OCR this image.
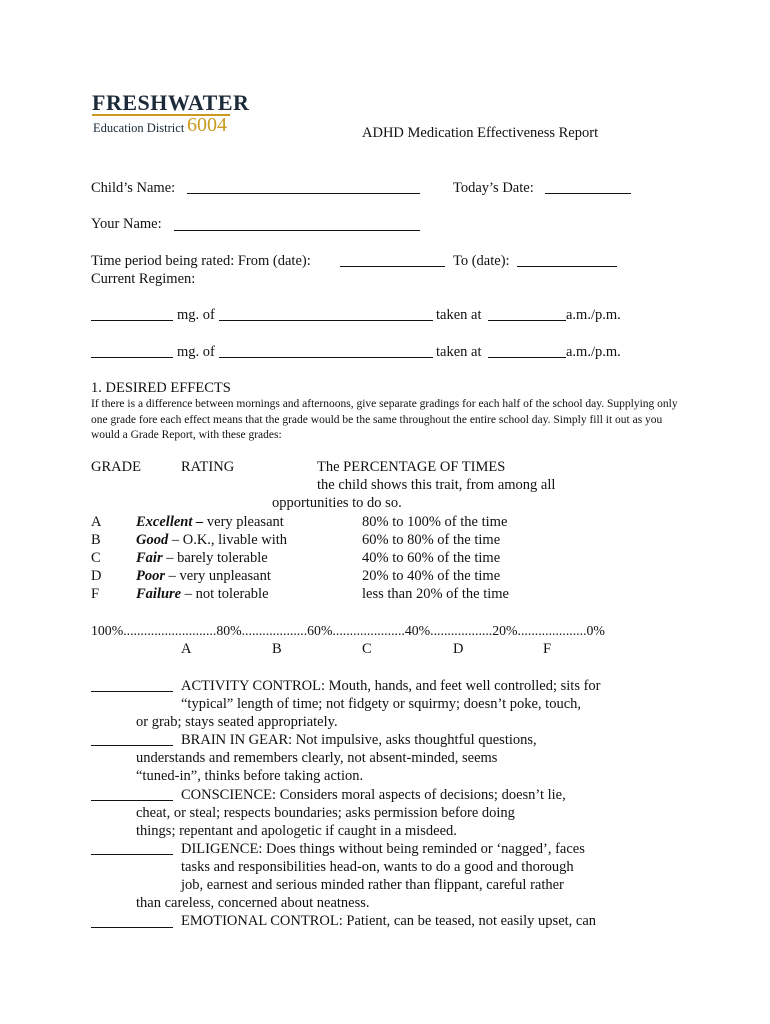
FRESHWATER
Education District 6004	ADHD Medication Effectiveness Report
Child’s Name:	Today’s Date:
Your Name:
Time period being rated: From (date):	To (date):
Current Regimen:
mg. of	taken at	a.m./p.m.
mg. of	taken at	a.m./p.m.
1. DESIRED EFFECTS
If there is a difference between mornings and afternoons, give separate gradings for each half of the school day. Supplying only one grade fore each effect means that the grade would be the same throughout the entire school day. Simply fill it out as you would a Grade Report, with these grades:
GRADE	RATING	The PERCENTAGE OF TIMES
the child shows this trait, from among all
opportunities to do so.
A Excellent – very pleasant	80% to 100% of the time
B Good – O.K., livable with	60% to 80% of the time
C Fair – barely tolerable	40% to 60% of the time
D Poor – very unpleasant	20% to 40% of the time
F	Failure – not tolerable	less than 20% of the time
100%...........................80%...................60%.....................40%..................20%....................0%
A	B	C	D	F
ACTIVITY CONTROL: Mouth, hands, and feet well controlled; sits for
“typical” length of time; not fidgety or squirmy; doesn’t poke, touch,
or grab; stays seated appropriately.
BRAIN IN GEAR: Not impulsive, asks thoughtful questions,
understands and remembers clearly, not absent-minded, seems
“tuned-in”, thinks before taking action.
CONSCIENCE: Considers moral aspects of decisions; doesn’t lie,
cheat, or steal; respects boundaries; asks permission before doing
things; repentant and apologetic if caught in a misdeed.
DILIGENCE: Does things without being reminded or ‘nagged’, faces
tasks and responsibilities head-on, wants to do a good and thorough
job, earnest and serious minded rather than flippant, careful rather
than careless, concerned about neatness.
EMOTIONAL CONTROL: Patient, can be teased, not easily upset, can
